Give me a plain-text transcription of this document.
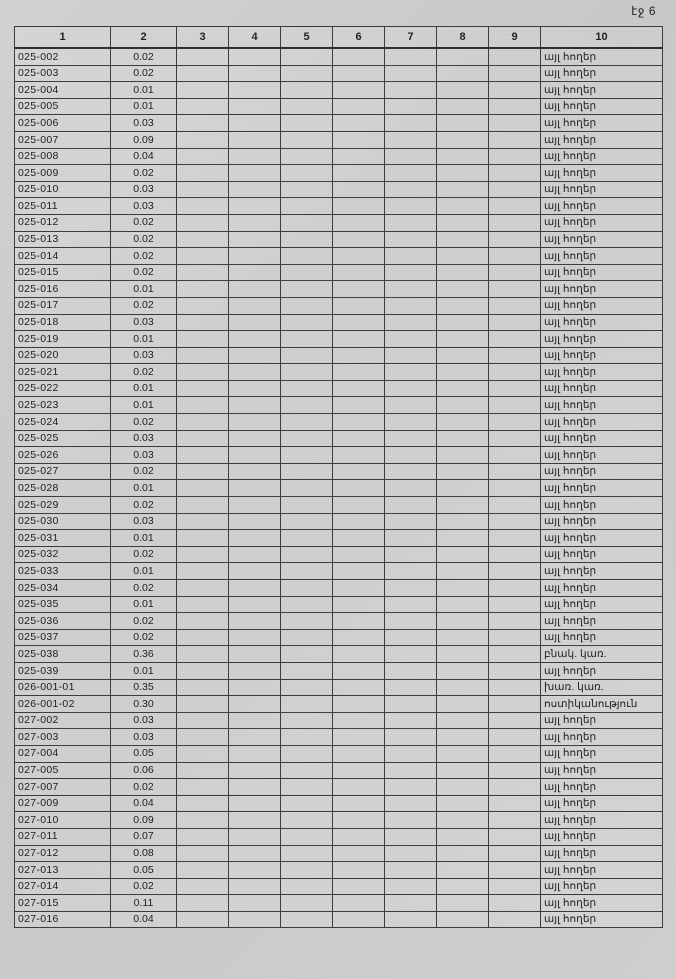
էջ 6
1	2	3	4	5	6	7	8	9	10
025-002	0.02								այլ հողեր
025-003	0.02								այլ հողեր
025-004	0.01								այլ հողեր
025-005	0.01								այլ հողեր
025-006	0.03								այլ հողեր
025-007	0.09								այլ հողեր
025-008	0.04								այլ հողեր
025-009	0.02								այլ հողեր
025-010	0.03								այլ հողեր
025-011	0.03								այլ հողեր
025-012	0.02								այլ հողեր
025-013	0.02								այլ հողեր
025-014	0.02								այլ հողեր
025-015	0.02								այլ հողեր
025-016	0.01								այլ հողեր
025-017	0.02								այլ հողեր
025-018	0.03								այլ հողեր
025-019	0.01								այլ հողեր
025-020	0.03								այլ հողեր
025-021	0.02								այլ հողեր
025-022	0.01								այլ հողեր
025-023	0.01								այլ հողեր
025-024	0.02								այլ հողեր
025-025	0.03								այլ հողեր
025-026	0.03								այլ հողեր
025-027	0.02								այլ հողեր
025-028	0.01								այլ հողեր
025-029	0.02								այլ հողեր
025-030	0.03								այլ հողեր
025-031	0.01								այլ հողեր
025-032	0.02								այլ հողեր
025-033	0.01								այլ հողեր
025-034	0.02								այլ հողեր
025-035	0.01								այլ հողեր
025-036	0.02								այլ հողեր
025-037	0.02								այլ հողեր
025-038	0.36								բնակ. կառ.
025-039	0.01								այլ հողեր
026-001-01	0.35								խառ. կառ.
026-001-02	0.30								ոստիկանություն
027-002	0.03								այլ հողեր
027-003	0.03								այլ հողեր
027-004	0.05								այլ հողեր
027-005	0.06								այլ հողեր
027-007	0.02								այլ հողեր
027-009	0.04								այլ հողեր
027-010	0.09								այլ հողեր
027-011	0.07								այլ հողեր
027-012	0.08								այլ հողեր
027-013	0.05								այլ հողեր
027-014	0.02								այլ հողեր
027-015	0.11								այլ հողեր
027-016	0.04								այլ հողեր
